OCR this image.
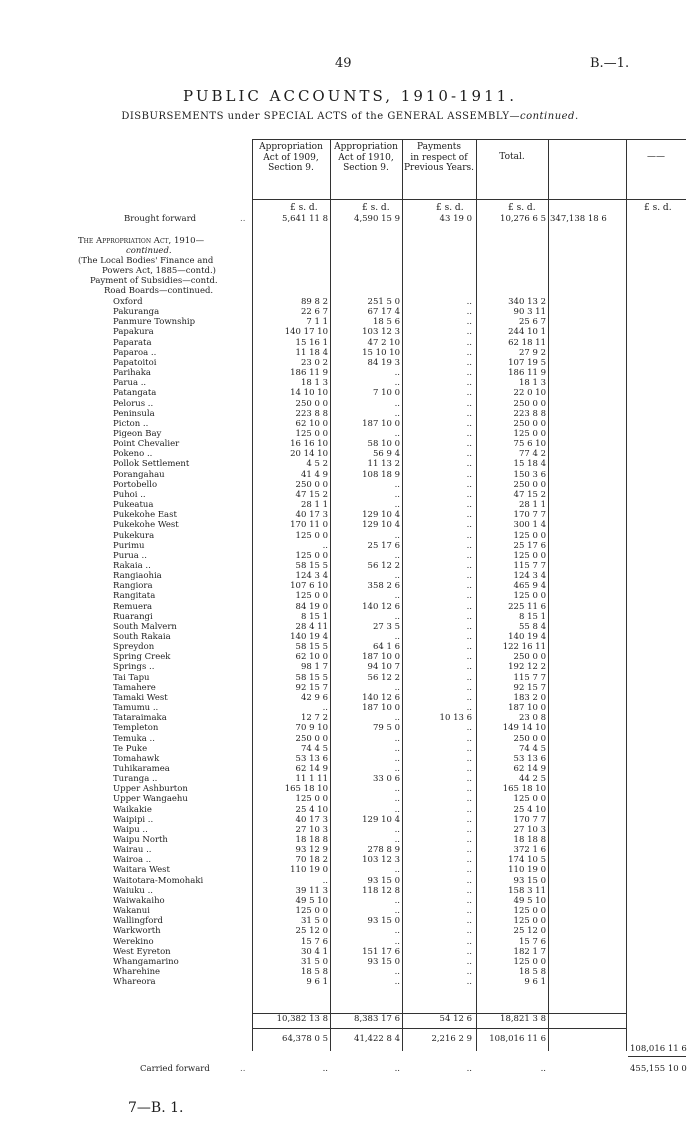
49	B.—1.
PUBLIC ACCOUNTS, 1910-1911.
DISBURSEMENTS under SPECIAL ACTS of the GENERAL ASSEMBLY—continued.
Appropriation
Act of 1909,
Section 9.
Appropriation
Act of 1910,
Section 9.
Payments
in respect of
Previous Years.
Total.	——
£ s. d.	£ s. d.	£ s. d.	£ s. d.	£ s. d.
Brought forward	..	5,641 11 8	4,590 15 9	43 19 0	10,276 6 5 347,138 18 6
The Appropriation Act, 1910—
continued.
(The Local Bodies' Finance and
Powers Act, 1885—contd.)
Payment of Subsidies—contd.
Road Boards—continued.
Oxford	89 8 2	251 5 0	..	340 13 2
Pakuranga	22 6 7	67 17 4	..	90 3 11
Panmure Township	7 1 1	18 5 6	..	25 6 7
Papakura	140 17 10	103 12 3	..	244 10 1
Paparata	15 16 1	47 2 10	..	62 18 11
Paparoa ..	11 18 4	15 10 10	..	27 9 2
Papatoitoi	23 0 2	84 19 3	..	107 19 5
Parihaka	186 11 9	..	..	186 11 9
Parua ..	18 1 3	..	..	18 1 3
Patangata	14 10 10	7 10 0	..	22 0 10
Pelorus ..	250 0 0	..	..	250 0 0
Peninsula	223 8 8	..	..	223 8 8
Picton ..	62 10 0	187 10 0	..	250 0 0
Pigeon Bay	125 0 0	..	..	125 0 0
Point Chevalier	16 16 10	58 10 0	..	75 6 10
Pokeno ..	20 14 10	56 9 4	..	77 4 2
Pollok Settlement	4 5 2	11 13 2	..	15 18 4
Porangahau	41 4 9	108 18 9	..	150 3 6
Portobello	250 0 0	..	..	250 0 0
Puhoi ..	47 15 2	..	..	47 15 2
Pukeatua	28 1 1	..	..	28 1 1
Pukekohe East	40 17 3	129 10 4	..	170 7 7
Pukekohe West	170 11 0	129 10 4	..	300 1 4
Pukekura	125 0 0	..	..	125 0 0
Purimu	..	25 17 6	..	25 17 6
Purua ..	125 0 0	..	..	125 0 0
Rakaia ..	58 15 5	56 12 2	..	115 7 7
Rangiaohia	124 3 4	..	..	124 3 4
Rangiora	107 6 10	358 2 6	..	465 9 4
Rangitata	125 0 0	..	..	125 0 0
Remuera	84 19 0	140 12 6	..	225 11 6
Ruarangi	8 15 1	..	..	8 15 1
South Malvern	28 4 11	27 3 5	..	55 8 4
South Rakaia	140 19 4	..	..	140 19 4
Spreydon	58 15 5	64 1 6	..	122 16 11
Spring Creek	62 10 0	187 10 0	..	250 0 0
Springs ..	98 1 7	94 10 7	..	192 12 2
Tai Tapu	58 15 5	56 12 2	..	115 7 7
Tamahere	92 15 7	..	..	92 15 7
Tamaki West	42 9 6	140 12 6	..	183 2 0
Tamumu ..	..	187 10 0	..	187 10 0
Tataraimaka	12 7 2	..	10 13 6	23 0 8
Templeton	70 9 10	79 5 0	..	149 14 10
Temuka ..	250 0 0	..	..	250 0 0
Te Puke	74 4 5	..	..	74 4 5
Tomahawk	53 13 6	..	..	53 13 6
Tuhikaramea	62 14 9	..	..	62 14 9
Turanga ..	11 1 11	33 0 6	..	44 2 5
Upper Ashburton	165 18 10	..	..	165 18 10
Upper Wangaehu	125 0 0	..	..	125 0 0
Waikakie	25 4 10	..	..	25 4 10
Waipipi ..	40 17 3	129 10 4	..	170 7 7
Waipu ..	27 10 3	..	..	27 10 3
Waipu North	18 18 8	..	..	18 18 8
Wairau ..	93 12 9	278 8 9	..	372 1 6
Wairoa ..	70 18 2	103 12 3	..	174 10 5
Waitara West	110 19 0	..	..	110 19 0
Waitotara-Momohaki	..	93 15 0	..	93 15 0
Waiuku ..	39 11 3	118 12 8	..	158 3 11
Waiwakaiho	49 5 10	..	..	49 5 10
Wakanui	125 0 0	..	..	125 0 0
Wallingford	31 5 0	93 15 0	..	125 0 0
Warkworth	25 12 0	..	..	25 12 0
Werekino	15 7 6	..	..	15 7 6
West Eyreton	30 4 1	151 17 6	..	182 1 7
Whangamarino	31 5 0	93 15 0	..	125 0 0
Wharehine	18 5 8	..	..	18 5 8
Whareora	9 6 1	..	..	9 6 1
10,382 13 8	8,383 17 6	54 12 6	18,821 3 8
64,378 0 5	41,422 8 4	2,216 2 9	108,016 11 6
108,016 11 6
Carried forward	..	..	..	..	..	455,155 10 0
7—B. 1.
